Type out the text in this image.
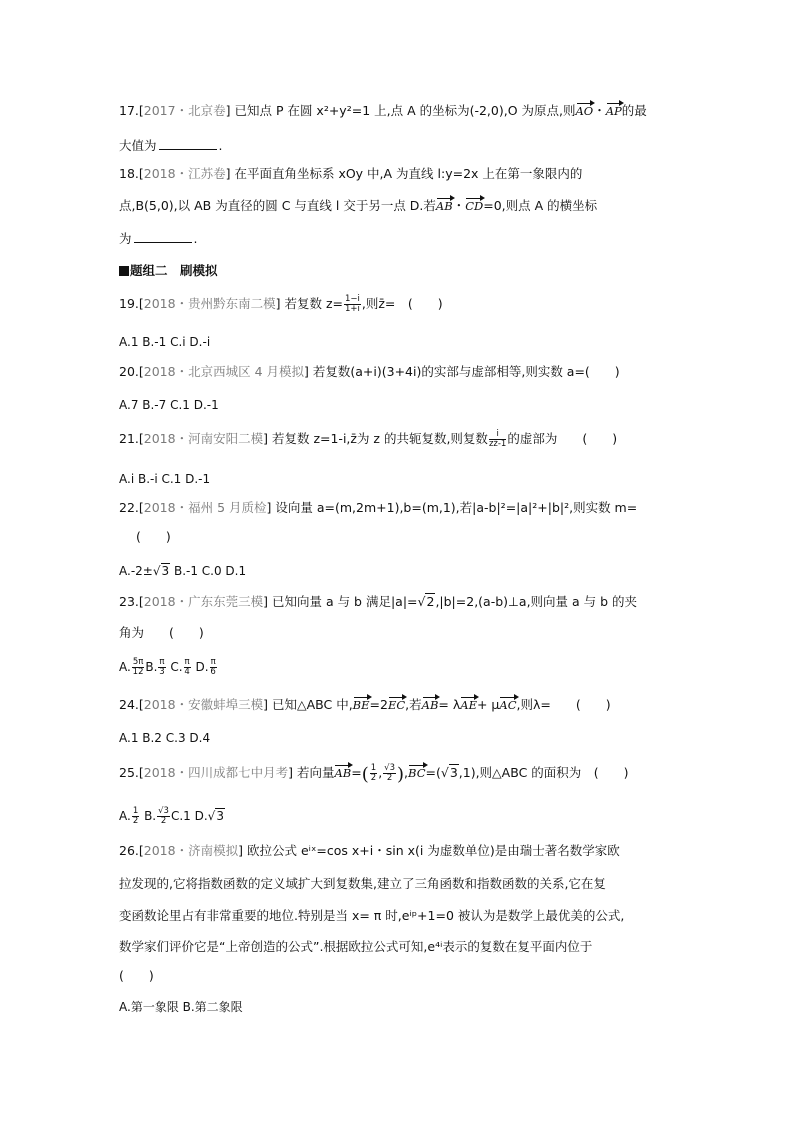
17.[2017・北京卷] 已知点 P 在圆 x²+y²=1 上,点 A 的坐标为(-2,0),O 为原点,则AO・AP的最
大值为	.
18.[2018・江苏卷] 在平面直角坐标系 xOy 中,A 为直线 l:y=2x 上在第一象限内的
点,B(5,0),以 AB 为直径的圆 C 与直线 l 交于另一点 D.若AB・CD=0,则点 A 的横坐标
为	.
题组二　刷模拟
19.[2018・贵州黔东南二模] 若复数 $z= \frac{1-i}{1+i}$ ,则z̄=　(　　)
A.1 B.-1 C.i D.-i
20.[2018・北京西城区 4 月模拟] 若复数(a+i)(3+4i)的实部与虚部相等,则实数 a=(　　)
A.7 B.-7 C.1 D.-1
21.[2018・河南安阳二模] 若复数 z=1-i,z̄为 z 的共轭复数,则复数 $\frac{i}{zz̄-1}$ 的虚部为　　(　　)
A.i B.-i C.1 D.-1
22.[2018・福州 5 月质检] 设向量 a=(m,2m+1),b=(m,1),若|a-b|²=|a|²+|b|²,则实数 m=
(　　)
A.-2±√3 B.-1 C.0 D.1
23.[2018・广东东莞三模] 已知向量 a 与 b 满足|a|=√2,|b|=2,(a-b)⊥a,则向量 a 与 b 的夹
角为　　(　　)
A. $\frac{5\pi}{12} B$. $\frac{\pi}{3} C$. $\frac{\pi}{4} D$. $\frac{\pi}{6}$
24.[2018・安徽蚌埠三模] 已知△ABC 中,BE=2EC,若AB= λAE+ μAC,则λ=　　(　　)
A.1 B.2 C.3 D.4
25.[2018・四川成都七中月考] 若向量$AB=( \frac{1}{2}$ , $\frac{√3}{2} ),BC=(√3,1)$,则△ABC 的面积为　(　　)
A. $\frac{1}{2} B$. $\frac{√3}{2} C.1$ D.√3
26.[2018・济南模拟] 欧拉公式 eⁱˣ=cos x+i・sin x(i 为虚数单位)是由瑞士著名数学家欧
拉发现的,它将指数函数的定义域扩大到复数集,建立了三角函数和指数函数的关系,它在复
变函数论里占有非常重要的地位.特别是当 x= π 时,eⁱᵖ+1=0 被认为是数学上最优美的公式,
数学家们评价它是“上帝创造的公式”.根据欧拉公式可知,e⁴ⁱ表示的复数在复平面内位于
(　　)
A.第一象限 B.第二象限
